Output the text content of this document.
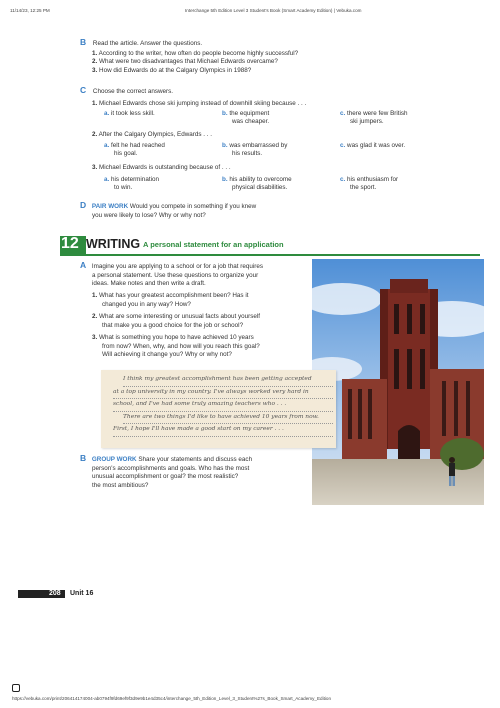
11/14/23, 12:25 PM	Interchange 5th Edition Level 3 Student's Book (Smart Academy Edition) | Vebuka.com
B Read the article. Answer the questions.
1. According to the writer, how often do people become highly successful?
2. What were two disadvantages that Michael Edwards overcame?
3. How did Edwards do at the Calgary Olympics in 1988?
C Choose the correct answers.
1. Michael Edwards chose ski jumping instead of downhill skiing because . . .
a. it took less skill.	b. the equipment
was cheaper.
c. there were few British
ski jumpers.
2. After the Calgary Olympics, Edwards . . .
a. felt he had reached
his goal.
b. was embarrassed by
his results.
c. was glad it was over.
3. Michael Edwards is outstanding because of . . .
a. his determination
to win.
b. his ability to overcome
physical disabilities.
c. his enthusiasm for
the sport.
D PAIR WORK Would you compete in something if you knew
you were likely to lose? Why or why not?
12 WRITING A personal statement for an application
A Imagine you are applying to a school or for a job that requires
a personal statement. Use these questions to organize your
ideas. Make notes and then write a draft.
1. What has your greatest accomplishment been? Has it
changed you in any way? How?
2. What are some interesting or unusual facts about yourself
that make you a good choice for the job or school?
3. What is something you hope to have achieved 10 years
from now? When, why, and how will you reach this goal?
Will achieving it change you? Why or why not?
I think my greatest accomplishment has been getting accepted
at a top university in my country. I've always worked very hard in
school, and I've had some truly amazing teachers who . . .
There are two things I'd like to have achieved 10 years from now.
First, I hope I'll have made a good start on my career . . .
B GROUP WORK Share your statements and discuss each
person's accomplishments and goals. Who has the most
unusual accomplishment or goal? the most realistic?
the most ambitious?
208 Unit 16
https://vebuka.com/print/206414174004-ab0794f9fd69ef9f3d9e9b1e4d35c4/interchange_5th_Edition_Level_3_Student%27s_Book_Smart_Academy_Edition
